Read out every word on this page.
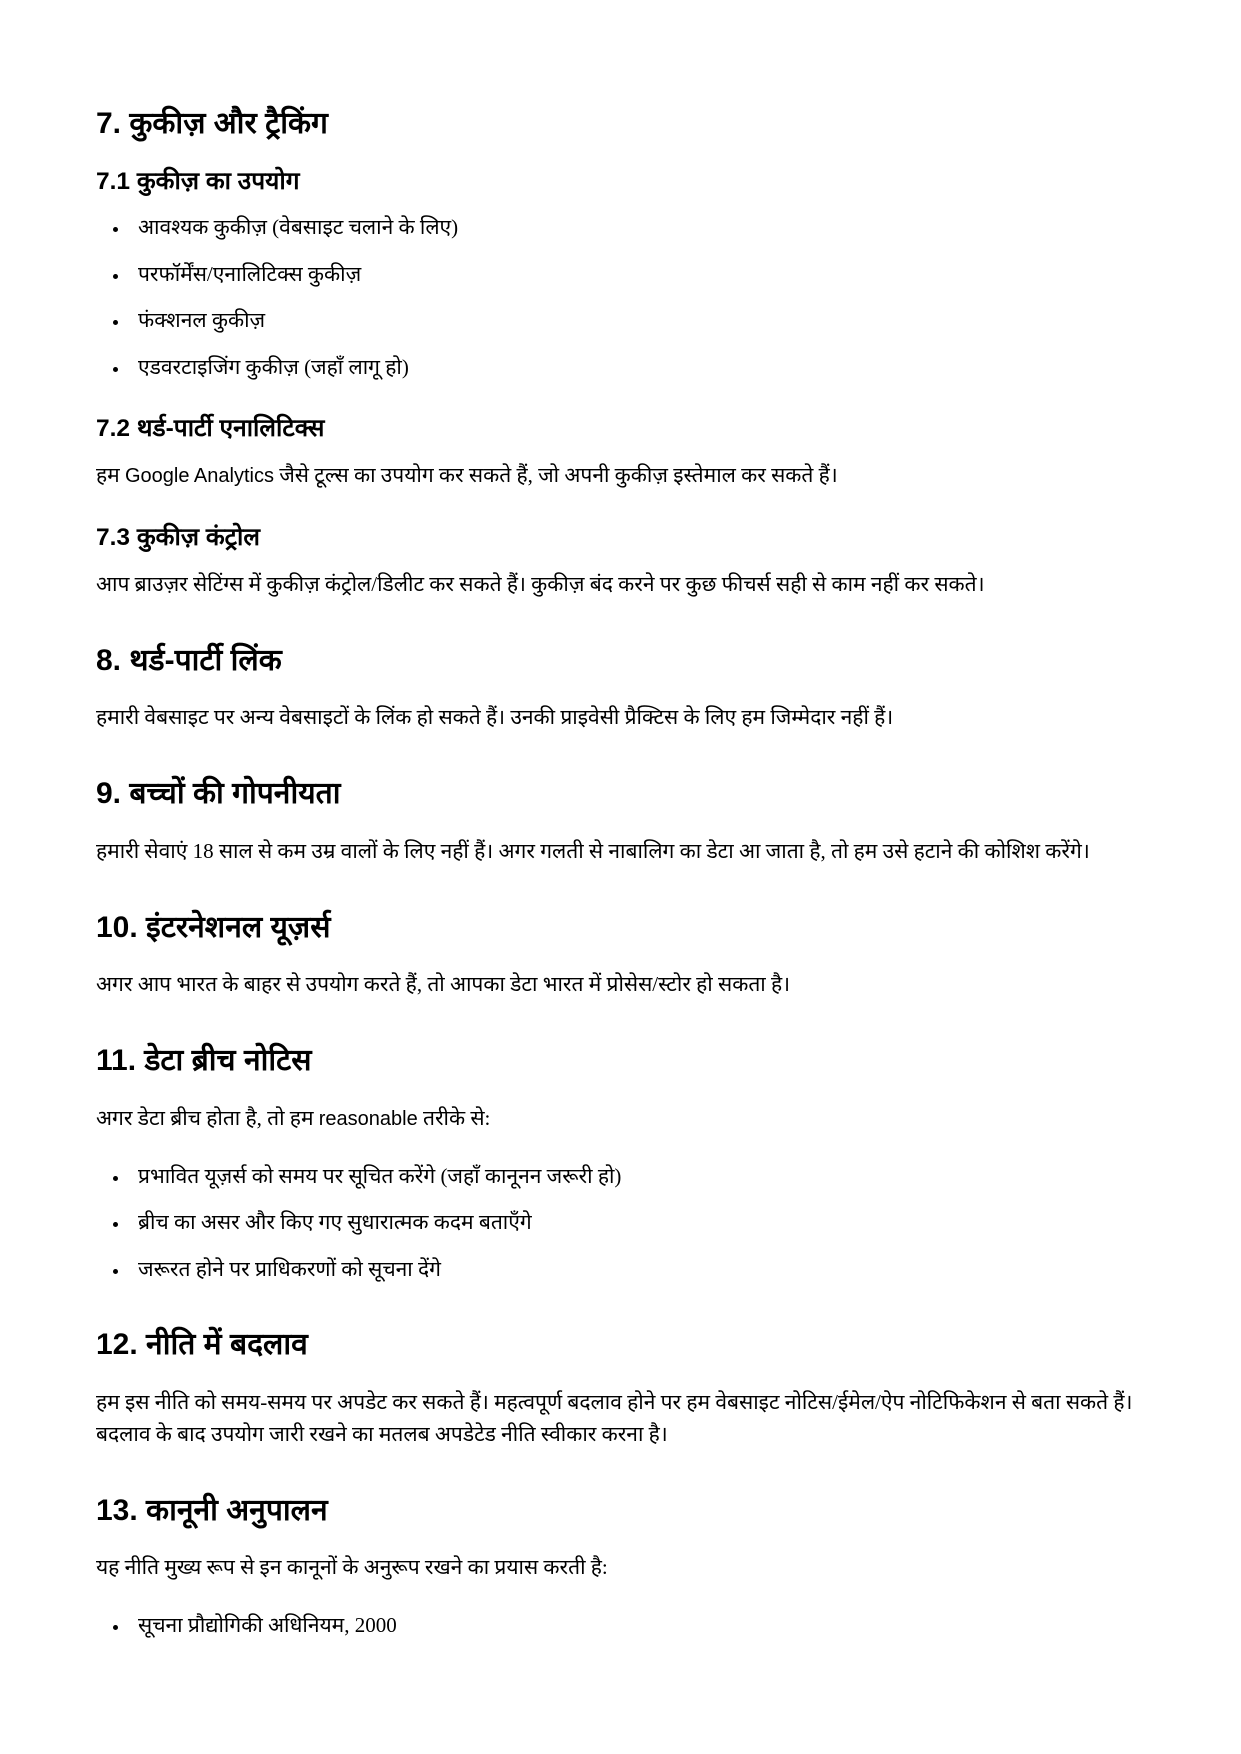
7. कुकीज़ और ट्रैकिंग
7.1 कुकीज़ का उपयोग
आवश्यक कुकीज़ (वेबसाइट चलाने के लिए)
परफॉर्मेंस/एनालिटिक्स कुकीज़
फंक्शनल कुकीज़
एडवरटाइजिंग कुकीज़ (जहाँ लागू हो)
7.2 थर्ड-पार्टी एनालिटिक्स

हम Google Analytics जैसे टूल्स का उपयोग कर सकते हैं, जो अपनी कुकीज़ इस्तेमाल कर सकते हैं।

7.3 कुकीज़ कंट्रोल

आप ब्राउज़र सेटिंग्स में कुकीज़ कंट्रोल/डिलीट कर सकते हैं। कुकीज़ बंद करने पर कुछ फीचर्स सही से काम नहीं कर सकते।

8. थर्ड-पार्टी लिंक

हमारी वेबसाइट पर अन्य वेबसाइटों के लिंक हो सकते हैं। उनकी प्राइवेसी प्रैक्टिस के लिए हम जिम्मेदार नहीं हैं।

9. बच्चों की गोपनीयता

हमारी सेवाएं 18 साल से कम उम्र वालों के लिए नहीं हैं। अगर गलती से नाबालिग का डेटा आ जाता है, तो हम उसे हटाने की कोशिश करेंगे।

10. इंटरनेशनल यूज़र्स

अगर आप भारत के बाहर से उपयोग करते हैं, तो आपका डेटा भारत में प्रोसेस/स्टोर हो सकता है।

11. डेटा ब्रीच नोटिस

अगर डेटा ब्रीच होता है, तो हम reasonable तरीके से:

प्रभावित यूज़र्स को समय पर सूचित करेंगे (जहाँ कानूनन जरूरी हो)
ब्रीच का असर और किए गए सुधारात्मक कदम बताएँगे
जरूरत होने पर प्राधिकरणों को सूचना देंगे
12. नीति में बदलाव

हम इस नीति को समय-समय पर अपडेट कर सकते हैं। महत्वपूर्ण बदलाव होने पर हम वेबसाइट नोटिस/ईमेल/ऐप नोटिफिकेशन से बता सकते हैं। बदलाव के बाद उपयोग जारी रखने का मतलब अपडेटेड नीति स्वीकार करना है।

13. कानूनी अनुपालन

यह नीति मुख्य रूप से इन कानूनों के अनुरूप रखने का प्रयास करती है:

सूचना प्रौद्योगिकी अधिनियम, 2000
